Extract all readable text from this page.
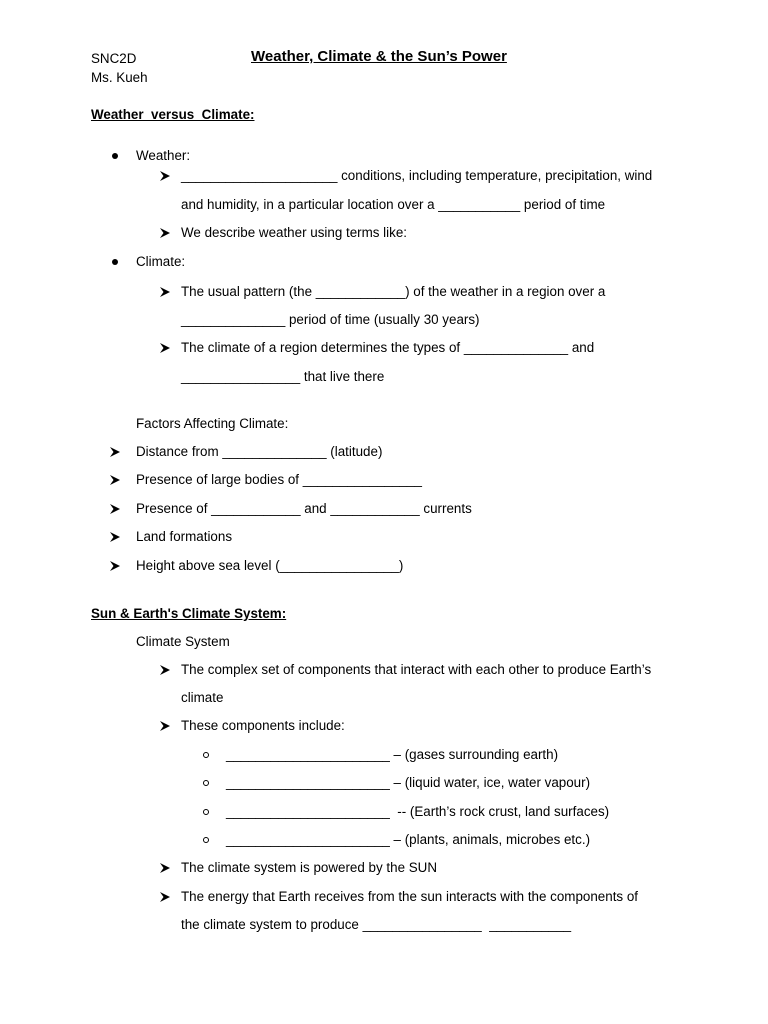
SNC2D
Ms. Kueh
Weather, Climate & the Sun’s Power
Weather  versus  Climate:
Weather:
_____________________ conditions, including temperature, precipitation, wind
and humidity, in a particular location over a ___________ period of time
We describe weather using terms like:
Climate:
The usual pattern (the ____________) of the weather in a region over a
______________ period of time (usually 30 years)
The climate of a region determines the types of ______________ and
________________ that live there
Factors Affecting Climate:
Distance from ______________ (latitude)
Presence of large bodies of ________________
Presence of ____________ and ____________ currents
Land formations
Height above sea level (________________)
Sun & Earth's Climate System:
Climate System
The complex set of components that interact with each other to produce Earth’s
climate
These components include:
______________________ – (gases surrounding earth)
______________________ – (liquid water, ice, water vapour)
______________________  -- (Earth’s rock crust, land surfaces)
______________________ – (plants, animals, microbes etc.)
The climate system is powered by the SUN
The energy that Earth receives from the sun interacts with the components of
the climate system to produce ________________  ___________
